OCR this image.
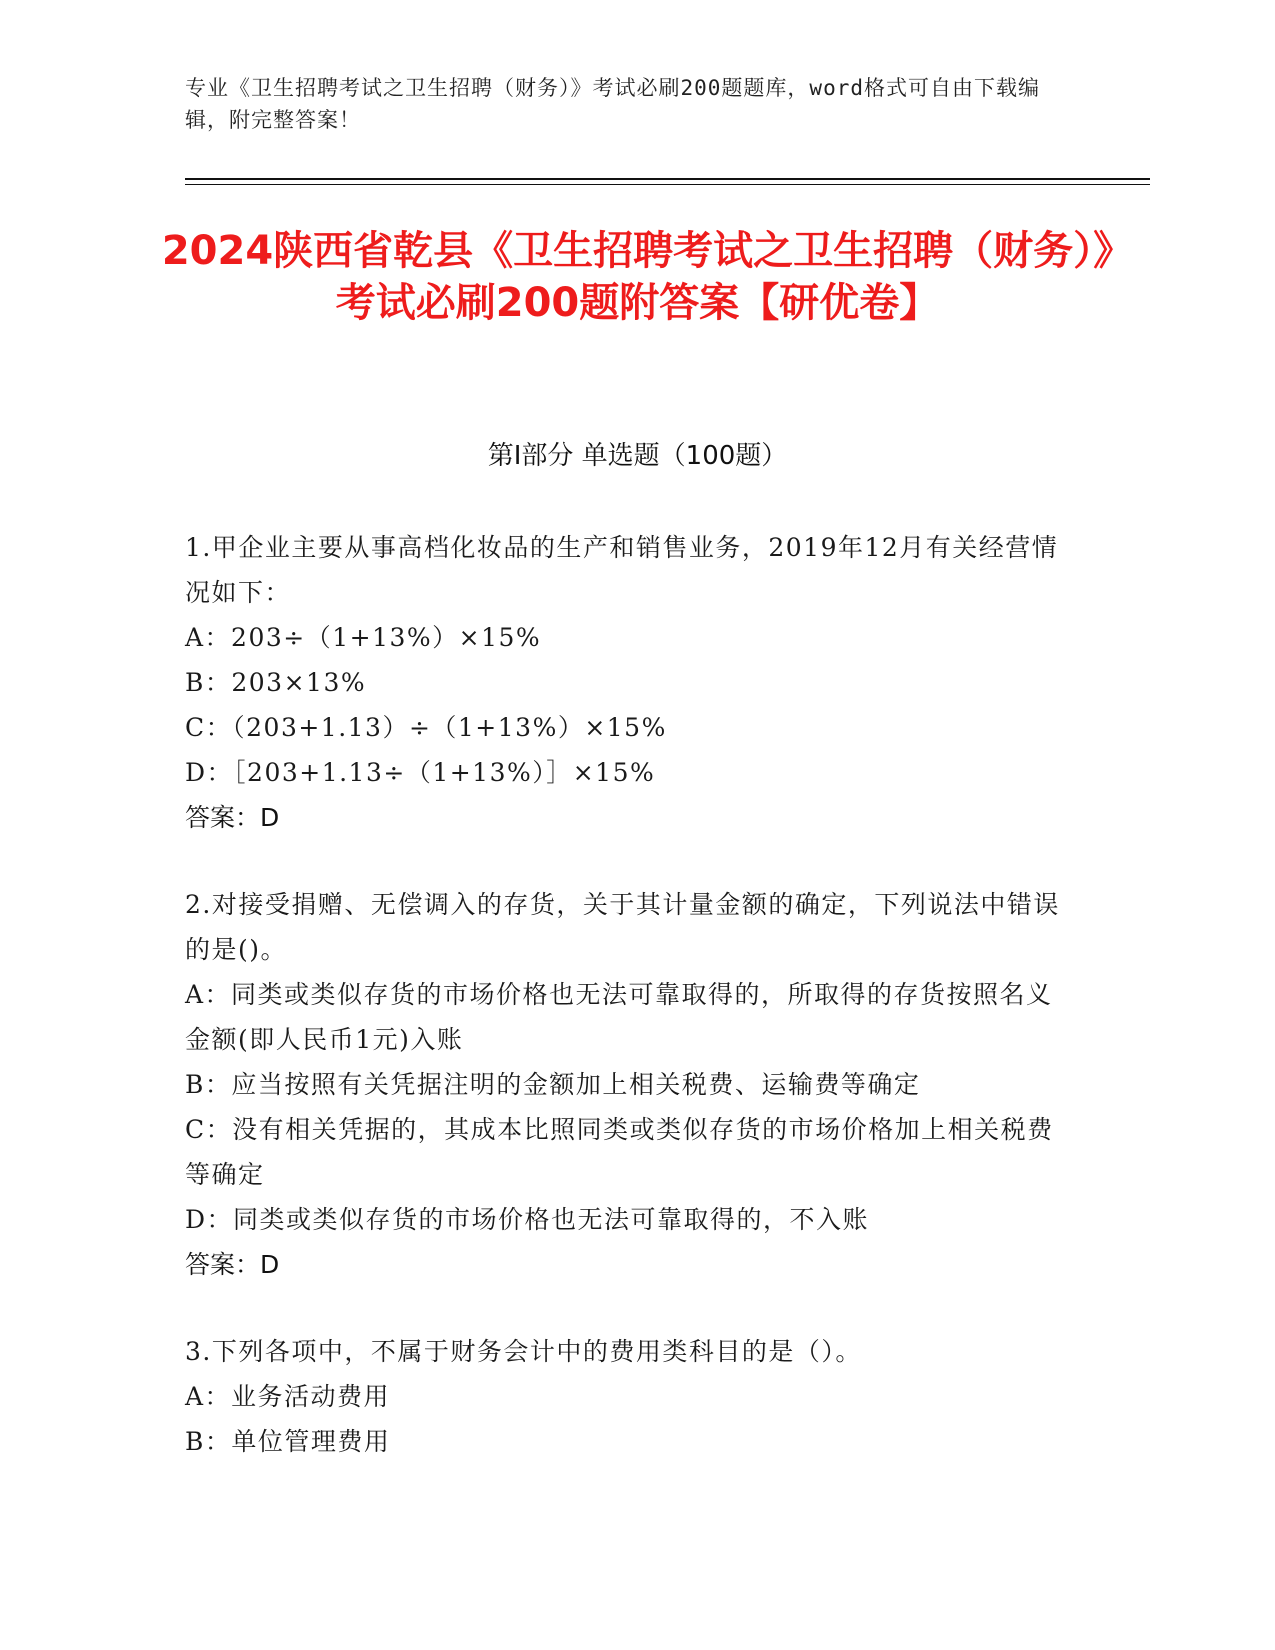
专业《卫生招聘考试之卫生招聘（财务）》考试必刷200题题库，word格式可自由下载编辑，附完整答案！
2024陕西省乾县《卫生招聘考试之卫生招聘（财务）》考试必刷200题附答案【研优卷】
第I部分 单选题（100题）

1.甲企业主要从事高档化妆品的生产和销售业务，2019年12月有关经营情况如下：

A：203÷（1+13%）×15%

B：203×13%

C：（203+1.13）÷（1+13%）×15%

D：［203+1.13÷（1+13%）］×15%

答案：D

2.对接受捐赠、无偿调入的存货，关于其计量金额的确定，下列说法中错误的是()。

A：同类或类似存货的市场价格也无法可靠取得的，所取得的存货按照名义金额(即人民币1元)入账

B：应当按照有关凭据注明的金额加上相关税费、运输费等确定

C：没有相关凭据的，其成本比照同类或类似存货的市场价格加上相关税费等确定

D：同类或类似存货的市场价格也无法可靠取得的，不入账

答案：D

3.下列各项中，不属于财务会计中的费用类科目的是（）。

A：业务活动费用

B：单位管理费用
